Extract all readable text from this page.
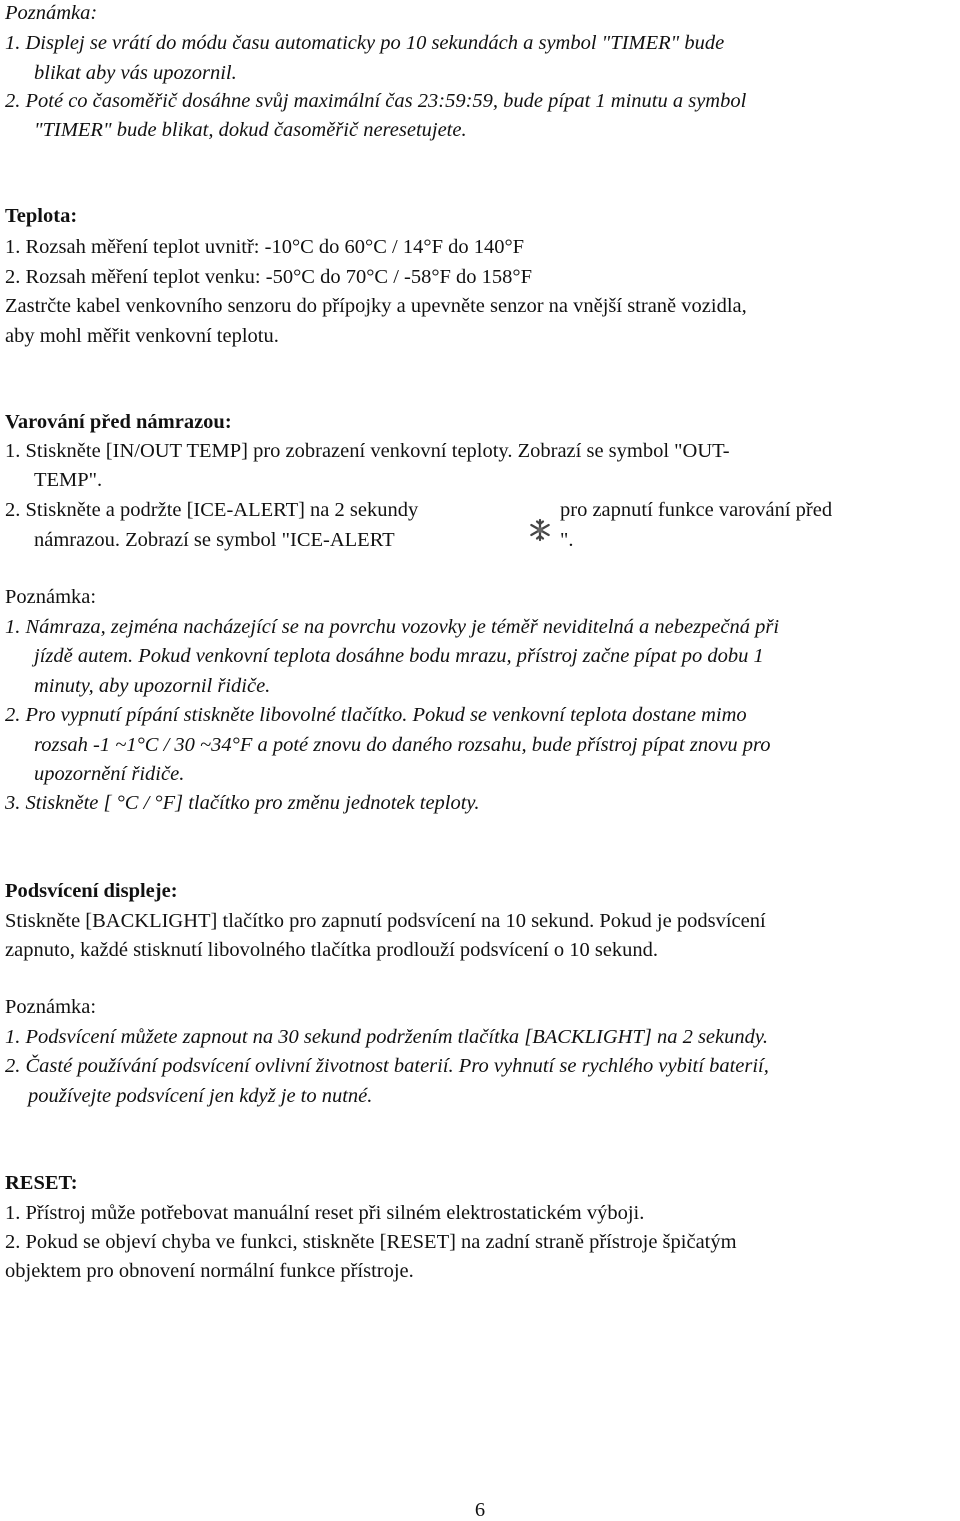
Poznámka:
1. Displej se vrátí do módu času automaticky po 10 sekundách a symbol "TIMER" bude
blikat aby vás upozornil.
2. Poté co časoměřič dosáhne svůj maximální čas 23:59:59, bude pípat 1 minutu a symbol
"TIMER" bude blikat, dokud časoměřič neresetujete.
Teplota:
1. Rozsah měření teplot uvnitř: -10°C do 60°C / 14°F do 140°F
2. Rozsah měření teplot venku: -50°C do 70°C / -58°F do 158°F
Zastrčte kabel venkovního senzoru do přípojky a upevněte senzor na vnější straně vozidla,
aby mohl měřit venkovní teplotu.
Varování před námrazou:
1. Stiskněte [IN/OUT TEMP] pro zobrazení venkovní teploty. Zobrazí se symbol "OUT-
TEMP".
2. Stiskněte a podržte [ICE-ALERT] na 2 sekundy	pro zapnutí funkce varování před
námrazou. Zobrazí se symbol "ICE-ALERT	".
Poznámka:
1. Námraza, zejména nacházející se na povrchu vozovky je téměř neviditelná a nebezpečná při
jízdě autem. Pokud venkovní teplota dosáhne bodu mrazu, přístroj začne pípat po dobu 1
minuty, aby upozornil řidiče.
2. Pro vypnutí pípání stiskněte libovolné tlačítko. Pokud se venkovní teplota dostane mimo
rozsah -1 ~1°C / 30 ~34°F a poté znovu do daného rozsahu, bude přístroj pípat znovu pro
upozornění řidiče.
3. Stiskněte [ °C / °F] tlačítko pro změnu jednotek teploty.
Podsvícení displeje:
Stiskněte [BACKLIGHT] tlačítko pro zapnutí podsvícení na 10 sekund. Pokud je podsvícení
zapnuto, každé stisknutí libovolného tlačítka prodlouží podsvícení o 10 sekund.
Poznámka:
1. Podsvícení můžete zapnout na 30 sekund podržením tlačítka [BACKLIGHT] na 2 sekundy.
2. Časté používání podsvícení ovlivní životnost baterií. Pro vyhnutí se rychlého vybití baterií,
používejte podsvícení jen když je to nutné.
RESET:
1. Přístroj může potřebovat manuální reset při silném elektrostatickém výboji.
2. Pokud se objeví chyba ve funkci, stiskněte [RESET] na zadní straně přístroje špičatým
objektem pro obnovení normální funkce přístroje.
6
